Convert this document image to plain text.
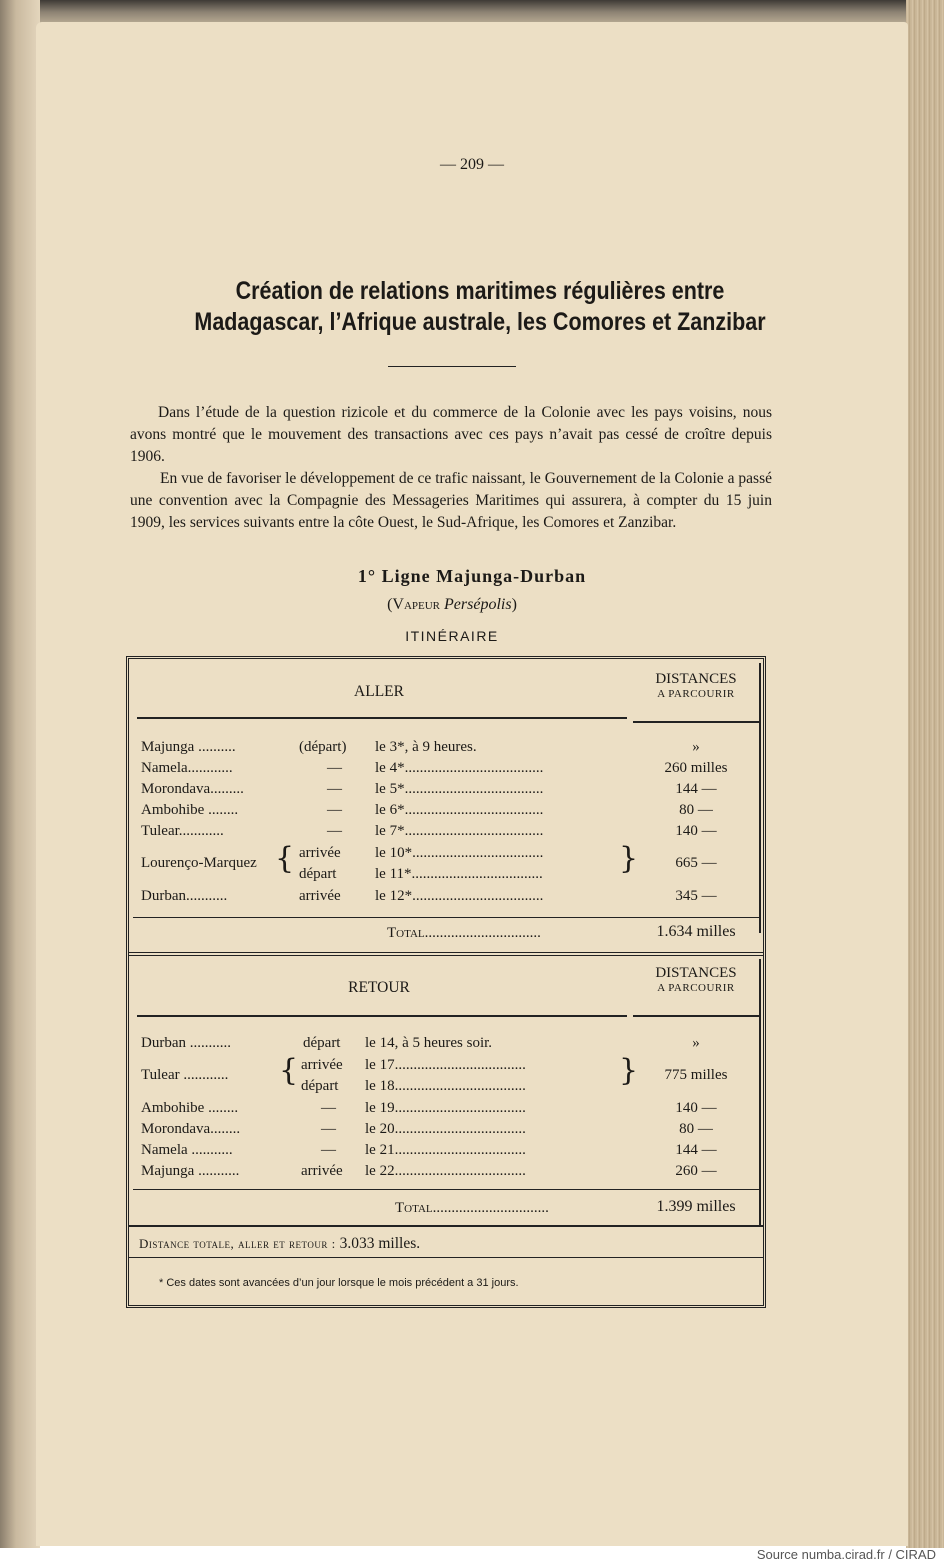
— 209 —
Création de relations maritimes régulières entre
Madagascar, l’Afrique australe, les Comores et Zanzibar

Dans l’étude de la question rizicole et du commerce de la Colonie avec les pays voisins, nous avons montré que le mouvement des transactions avec ces pays n’avait pas cessé de croître depuis 1906.

En vue de favoriser le développement de ce trafic naissant, le Gouvernement de la Colonie a passé une convention avec la Compagnie des Messageries Maritimes qui assurera, à compter du 15 juin 1909, les services suivants entre la côte Ouest, le Sud-Afrique, les Comores et Zanzibar.

1° Ligne Majunga-Durban
(Vapeur Persépolis)
ITINÉRAIRE
ALLER
DISTANCES
A PARCOURIR
Majunga ..........	(départ) le 3*, à 9 heures.	»
Namela............	— le 4*.....................................	260 milles
Morondava.........	— le 5*.....................................	144 —
Ambohibe ........	— le 6*.....................................	80 —
Tulear............	— le 7*.....................................	140 —
Lourenço-Marquez { arrivée le 10*...................................
départ	le 11*...................................	}	665 —
Durban...........	arrivée le 12*...................................	345 —
Total...............................	1.634 milles
RETOUR
DISTANCES
A PARCOURIR
Durban ...........	départ le 14, à 5 heures soir.	»
Tulear ............ { arrivée le 17...................................
départ le 18...................................	}	775 milles
Ambohibe ........	— le 19...................................	140 —
Morondava........	— le 20...................................	80 —
Namela ...........	— le 21...................................	144 —
Majunga ...........	arrivée le 22...................................	260 —
Total...............................	1.399 milles
Distance totale, aller et retour : 3.033 milles.
* Ces dates sont avancées d’un jour lorsque le mois précédent a 31 jours.
Source numba.cirad.fr / CIRAD
